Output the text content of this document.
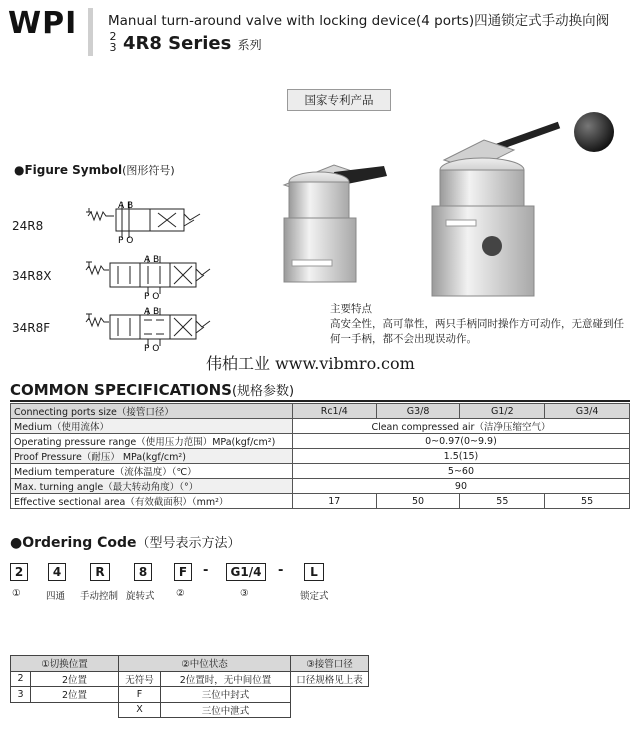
WPI Manual turn-around valve with locking device(4 ports)四通锁定式手动换向阀
2
3 4R8 Series 系列
国家专利产品
●Figure Symbol(图形符号)
24R8
34R8X
34R8F
A B
P O
A B
P O
A B
P O
主要特点
高安全性，高可靠性，两只手柄同时操作方可动作，无意碰到任何一手柄，都不会出现误动作。
伟柏工业 www.vibmro.com
COMMON SPECIFICATIONS(规格参数)
Connecting ports size（接管口径）	Rc1/4	G3/8	G1/2	G3/4
Medium（使用流体）	Clean compressed air（洁净压缩空气）			
Operating pressure range（使用压力范围）MPa(kgf/cm²)	0~0.97(0~9.9)			
Proof Pressure（耐压） MPa(kgf/cm²)	1.5(15)			
Medium temperature（流体温度）（℃）	5~60			
Max. turning angle（最大转动角度）（°）	90			
Effective sectional area（有效截面积）（mm²）	17	50	55	55
●Ordering Code（型号表示方法）
2	4	R	8	F	-	G1/4	-	L
①	四通 手动控制 旋转式 ②	③	锁定式
①切换位置		②中位状态		③接管口径
2	2位置	无符号	2位置时，无中间位置	口径规格见上表
3	2位置	F	三位中封式	
		X	三位中泄式	
